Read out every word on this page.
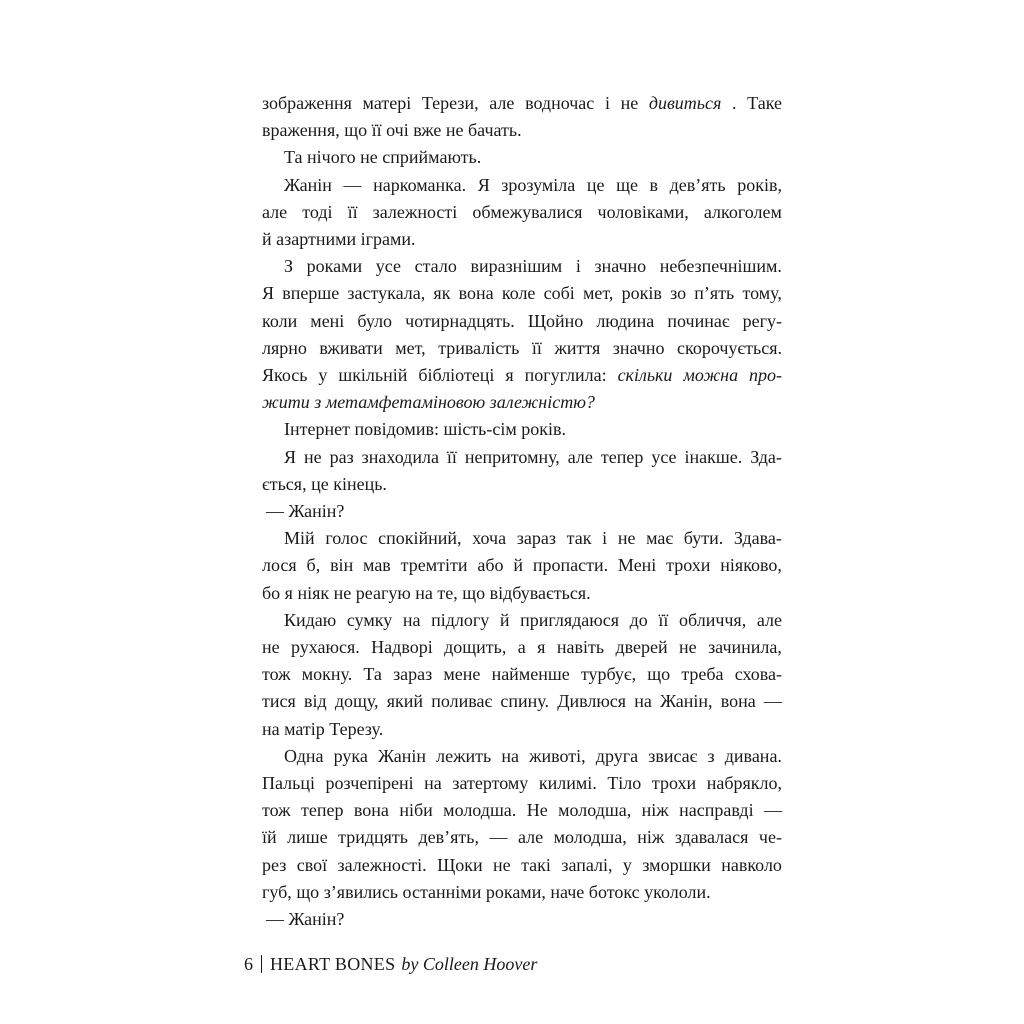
зображення матері Терези, але водночас і не дивиться . Таке
враження, що її очі вже не бачать.
Та нічого не сприймають.
Жанін — наркоманка. Я зрозуміла це ще в дев’ять років,
але тоді її залежності обмежувалися чоловіками, алкоголем
й азартними іграми.
З роками усе стало виразнішим і значно небезпечнішим.
Я вперше застукала, як вона коле собі мет, років зо п’ять тому,
коли мені було чотирнадцять. Щойно людина починає регу-
лярно вживати мет, тривалість її життя значно скорочується.
Якось у шкільній бібліотеці я погуглила: скільки можна про-
жити з метамфетаміновою залежністю?
Інтернет повідомив: шість-сім років.
Я не раз знаходила її непритомну, але тепер усе інакше. Зда-
ється, це кінець.
— Жанін?
Мій голос спокійний, хоча зараз так і не має бути. Здава-
лося б, він мав тремтіти або й пропасти. Мені трохи ніяково,
бо я ніяк не реагую на те, що відбувається.
Кидаю сумку на підлогу й приглядаюся до її обличчя, але
не рухаюся. Надворі дощить, а я навіть дверей не зачинила,
тож мокну. Та зараз мене найменше турбує, що треба схова-
тися від дощу, який поливає спину. Дивлюся на Жанін, вона —
на матір Терезу.
Одна рука Жанін лежить на животі, друга звисає з дивана.
Пальці розчепірені на затертому килимі. Тіло трохи набрякло,
тож тепер вона ніби молодша. Не молодша, ніж насправді —
їй лише тридцять дев’ять, — але молодша, ніж здавалася че-
рез свої залежності. Щоки не такі запалі, у зморшки навколо
губ, що з’явились останніми роками, наче ботокс укололи.
— Жанін?
6 HEART BONES by Colleen Hoover
